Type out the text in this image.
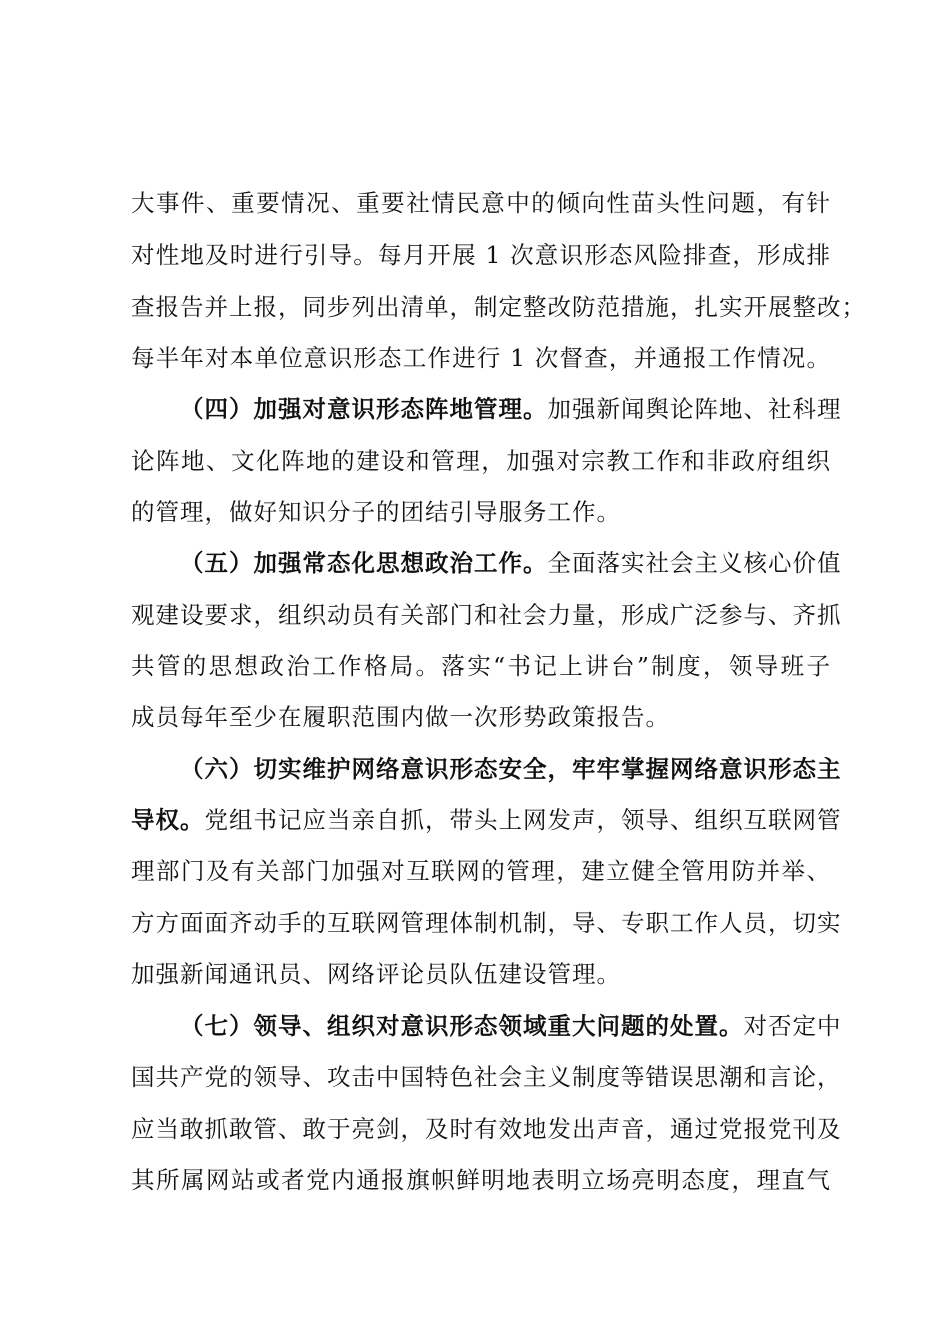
大事件、重要情况、重要社情民意中的倾向性苗头性问题，有针
对性地及时进行引导。每月开展 1 次意识形态风险排查，形成排
查报告并上报，同步列出清单，制定整改防范措施，扎实开展整改；
每半年对本单位意识形态工作进行 1 次督查，并通报工作情况。
（四）加强对意识形态阵地管理。加强新闻舆论阵地、社科理
论阵地、文化阵地的建设和管理，加强对宗教工作和非政府组织
的管理，做好知识分子的团结引导服务工作。
（五）加强常态化思想政治工作。全面落实社会主义核心价值
观建设要求，组织动员有关部门和社会力量，形成广泛参与、齐抓
共管的思想政治工作格局。落实“书记上讲台”制度，领导班子
成员每年至少在履职范围内做一次形势政策报告。
（六）切实维护网络意识形态安全，牢牢掌握网络意识形态主
导权。党组书记应当亲自抓，带头上网发声，领导、组织互联网管
理部门及有关部门加强对互联网的管理，建立健全管用防并举、
方方面面齐动手的互联网管理体制机制，导、专职工作人员，切实
加强新闻通讯员、网络评论员队伍建设管理。
（七）领导、组织对意识形态领域重大问题的处置。对否定中
国共产党的领导、攻击中国特色社会主义制度等错误思潮和言论，
应当敢抓敢管、敢于亮剑，及时有效地发出声音，通过党报党刊及
其所属网站或者党内通报旗帜鲜明地表明立场亮明态度，理直气
